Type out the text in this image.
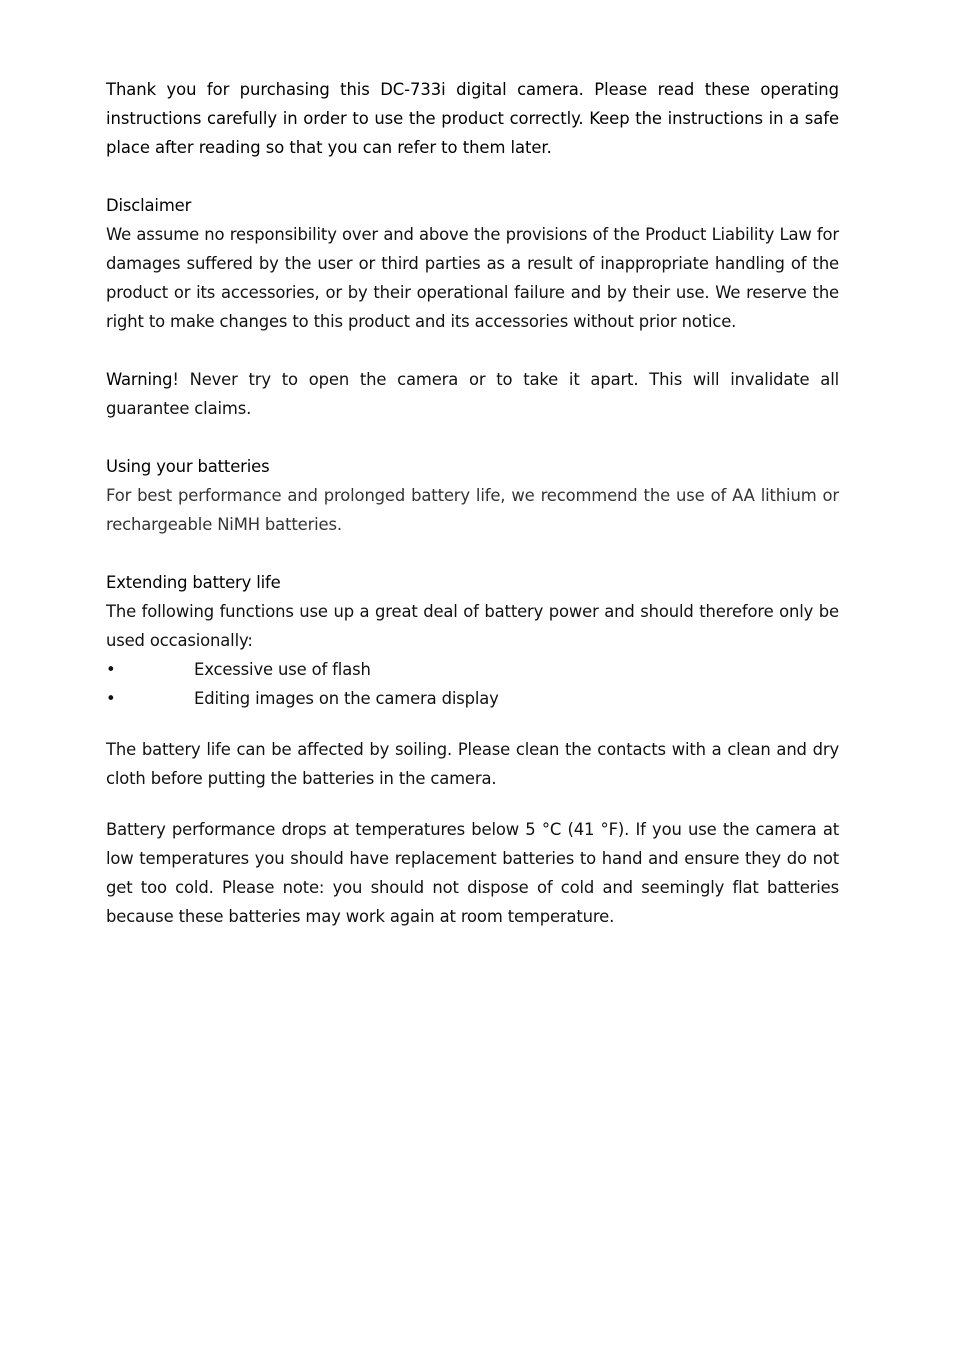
Thank you for purchasing this DC-733i digital camera. Please read these operating instructions carefully in order to use the product correctly. Keep the instructions in a safe place after reading so that you can refer to them later.

Disclaimer

We assume no responsibility over and above the provisions of the Product Liability Law for damages suffered by the user or third parties as a result of inappropriate handling of the product or its accessories, or by their operational failure and by their use. We reserve the right to make changes to this product and its accessories without prior notice.

Warning! Never try to open the camera or to take it apart. This will invalidate all guarantee claims.

Using your batteries

For best performance and prolonged battery life, we recommend the use of AA lithium or rechargeable NiMH batteries.

Extending battery life

The following functions use up a great deal of battery power and should therefore only be used occasionally:

•	Excessive use of flash
•	Editing images on the camera display

The battery life can be affected by soiling. Please clean the contacts with a clean and dry cloth before putting the batteries in the camera.

Battery performance drops at temperatures below 5 °C (41 °F). If you use the camera at low temperatures you should have replacement batteries to hand and ensure they do not get too cold. Please note: you should not dispose of cold and seemingly flat batteries because these batteries may work again at room temperature.
